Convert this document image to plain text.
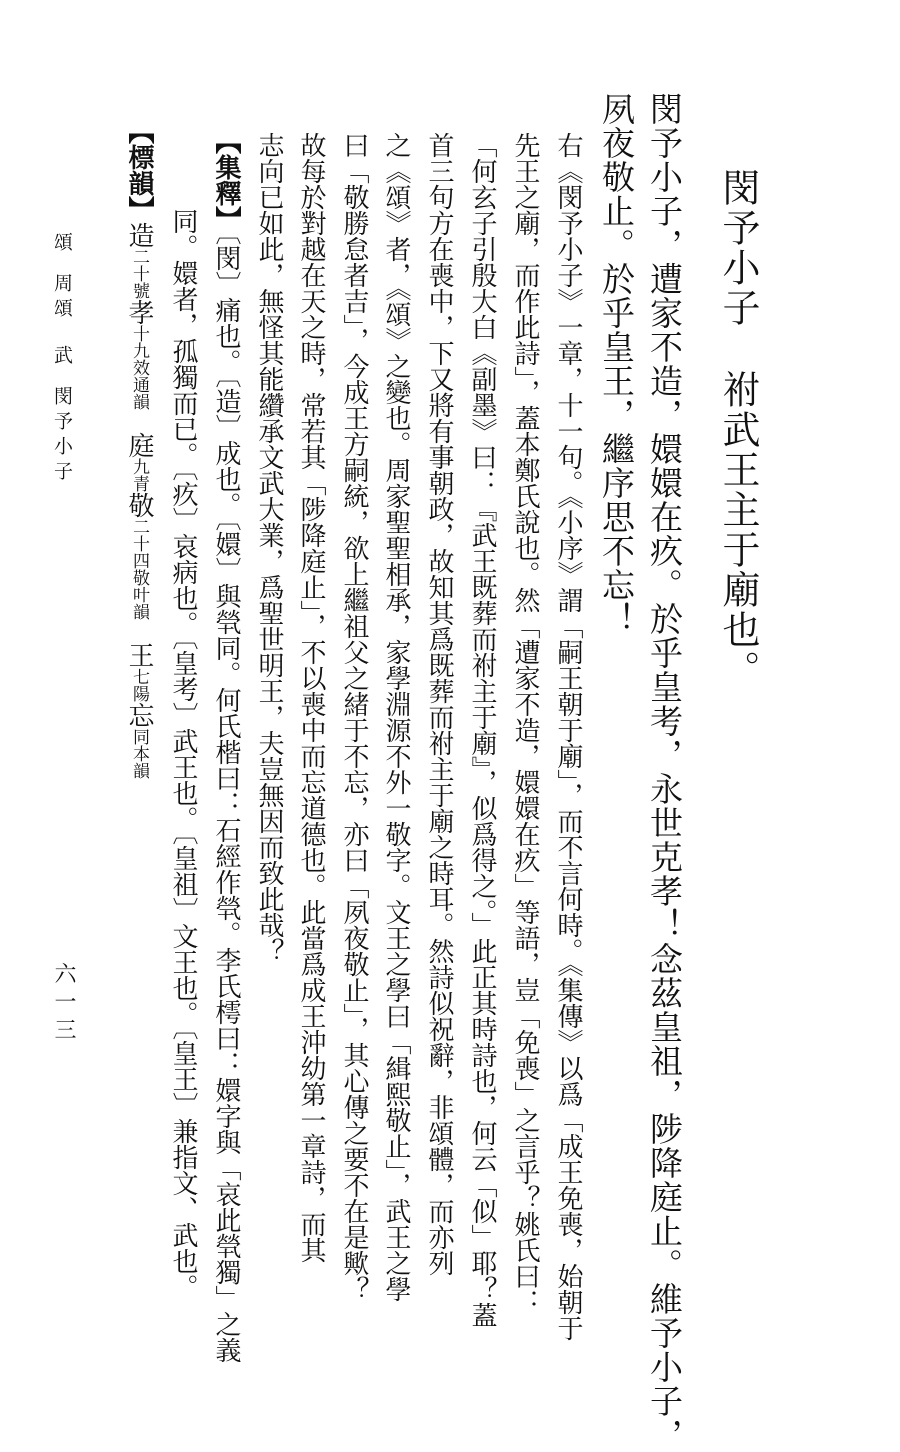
閔予小子祔武王主于廟也。
閔予小子，遭家不造，嬛嬛在疚。於乎皇考，永世克孝！念茲皇祖，陟降庭止。維予小子，
夙夜敬止。於乎皇王，繼序思不忘！
右《閔予小子》一章，十一句。《小序》謂「嗣王朝于廟」，而不言何時。《集傳》以爲「成王免喪，始朝于
先王之廟，而作此詩」，蓋本鄭氏說也。然「遭家不造，嬛嬛在疚」等語，豈「免喪」之言乎？姚氏曰：
「何玄子引殷大白《副墨》曰：『武王既葬而祔主于廟』，似爲得之。」此正其時詩也，何云「似」耶？蓋
首三句方在喪中，下又將有事朝政，故知其爲既葬而祔主于廟之時耳。然詩似祝辭，非頌體，而亦列
之《頌》者，《頌》之變也。周家聖聖相承，家學淵源不外一敬字。文王之學曰「緝熙敬止」，武王之學
曰「敬勝怠者吉」，今成王方嗣統，欲上繼祖父之緒于不忘，亦曰「夙夜敬止」，其心傳之要不在是歟？
故每於對越在天之時，常若其「陟降庭止」，不以喪中而忘道德也。此當爲成王沖幼第一章詩，而其
志向已如此，無怪其能纘承文武大業，爲聖世明王，夫豈無因而致此哉？
【集釋】〔閔〕痛也。〔造〕成也。〔嬛〕與煢同。何氏楷曰：石經作煢。李氏樗曰：嬛字與「哀此煢獨」之義
同。嬛者，孤獨而已。〔疚〕哀病也。〔皇考〕武王也。〔皇祖〕文王也。〔皇王〕兼指文、武也。
【標韻】造二十號孝十九效通韻庭九青敬二十四敬叶韻王七陽忘同本韻
頌周頌武閔予小子
六一三
